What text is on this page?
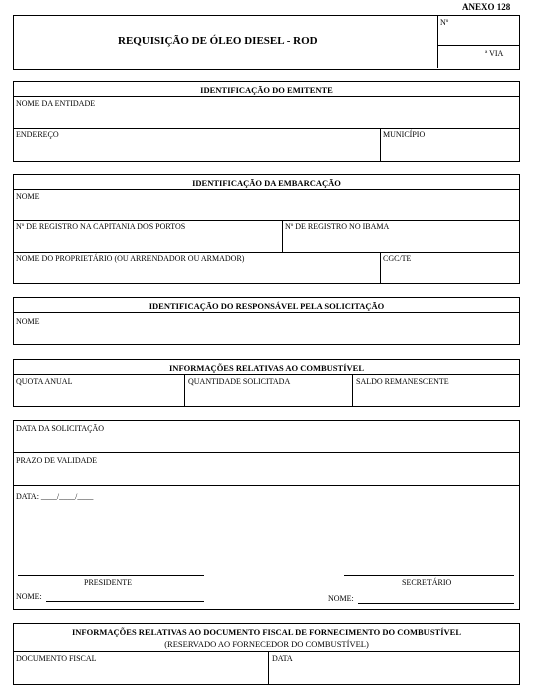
ANEXO 128
REQUISIÇÃO DE ÓLEO DIESEL - ROD
Nº
ª VIA
IDENTIFICAÇÃO DO EMITENTE
NOME DA ENTIDADE
ENDEREÇO	MUNICÍPIO
IDENTIFICAÇÃO DA EMBARCAÇÃO
NOME
Nº DE REGISTRO NA CAPITANIA DOS PORTOS	Nº DE REGISTRO NO IBAMA
NOME DO PROPRIETÁRIO (OU ARRENDADOR OU ARMADOR)	CGC/TE
IDENTIFICAÇÃO DO RESPONSÁVEL PELA SOLICITAÇÃO
NOME
INFORMAÇÕES RELATIVAS AO COMBUSTÍVEL
QUOTA ANUAL	QUANTIDADE SOLICITADA	SALDO REMANESCENTE
DATA DA SOLICITAÇÃO
PRAZO DE VALIDADE
DATA: ____/____/____
PRESIDENTE	SECRETÁRIO
NOME:	NOME:
INFORMAÇÕES RELATIVAS AO DOCUMENTO FISCAL DE FORNECIMENTO DO COMBUSTÍVEL
(RESERVADO AO FORNECEDOR DO COMBUSTÍVEL)
DOCUMENTO FISCAL	DATA
